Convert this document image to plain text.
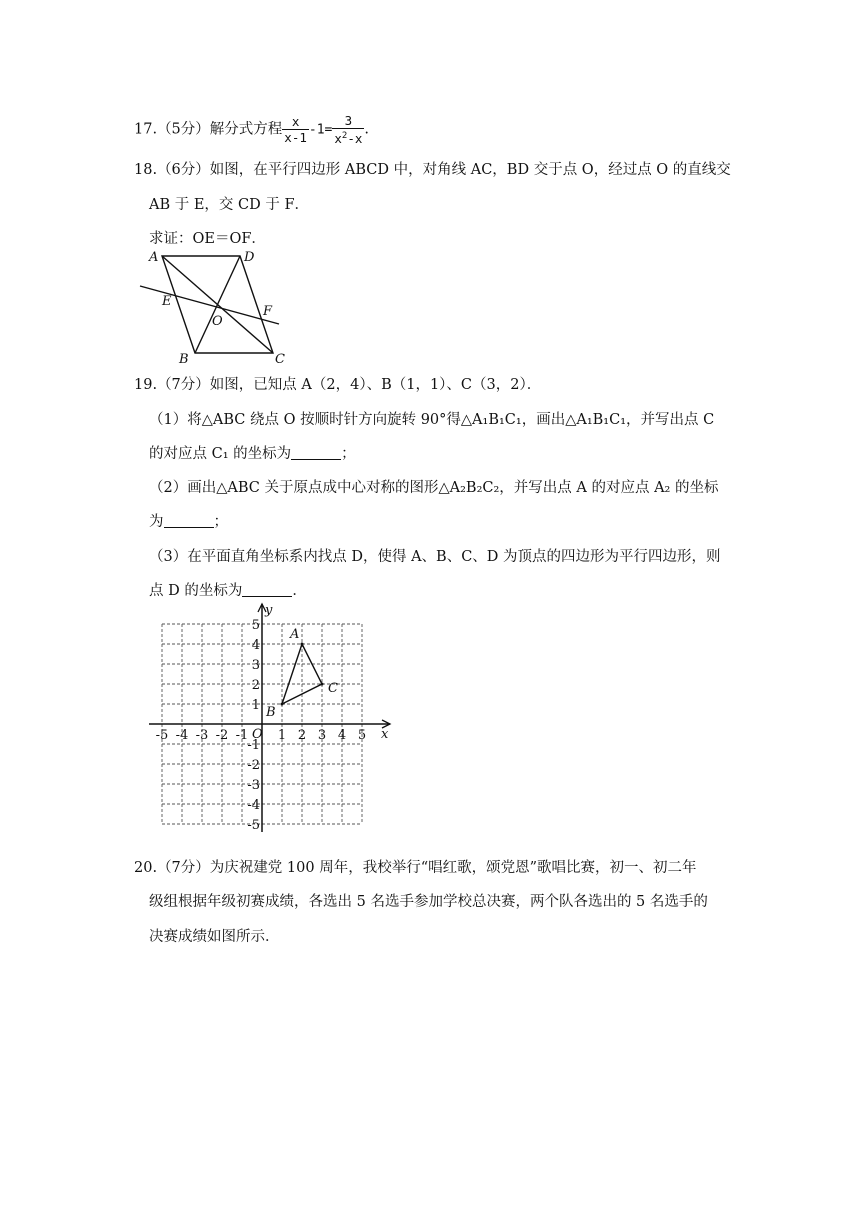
17.（5分）解分式方程 $\frac{x}{x-1} -1= \frac{3}{x^2-x}$ .
18.（6分）如图，在平行四边形 ABCD 中，对角线 AC，BD 交于点 O，经过点 O 的直线交
AB 于 E，交 CD 于 F．
求证：OE＝OF．
A	D
E
F
O
B	C
19.（7分）如图，已知点 A（2，4）、B（1，1）、C（3，2）．
（1）将△ABC 绕点 O 按顺时针方向旋转 90°得△A₁B₁C₁，画出△A₁B₁C₁，并写出点 C
的对应点 C₁ 的坐标为	；
（2）画出△ABC 关于原点成中心对称的图形△A₂B₂C₂，并写出点 A 的对应点 A₂ 的坐标
为	；
（3）在平面直角坐标系内找点 D，使得 A、B、C、D 为顶点的四边形为平行四边形，则
点 D 的坐标为	．
x
y
O
-5 -4 -3 -2 -1 1 2 3 4 5
5
4
3
2
1
-1
-2
-3
-4
-5
A
B
C
20.（7分）为庆祝建党 100 周年，我校举行“唱红歌，颂党恩”歌唱比赛，初一、初二年
级组根据年级初赛成绩，各选出 5 名选手参加学校总决赛，两个队各选出的 5 名选手的
决赛成绩如图所示．
